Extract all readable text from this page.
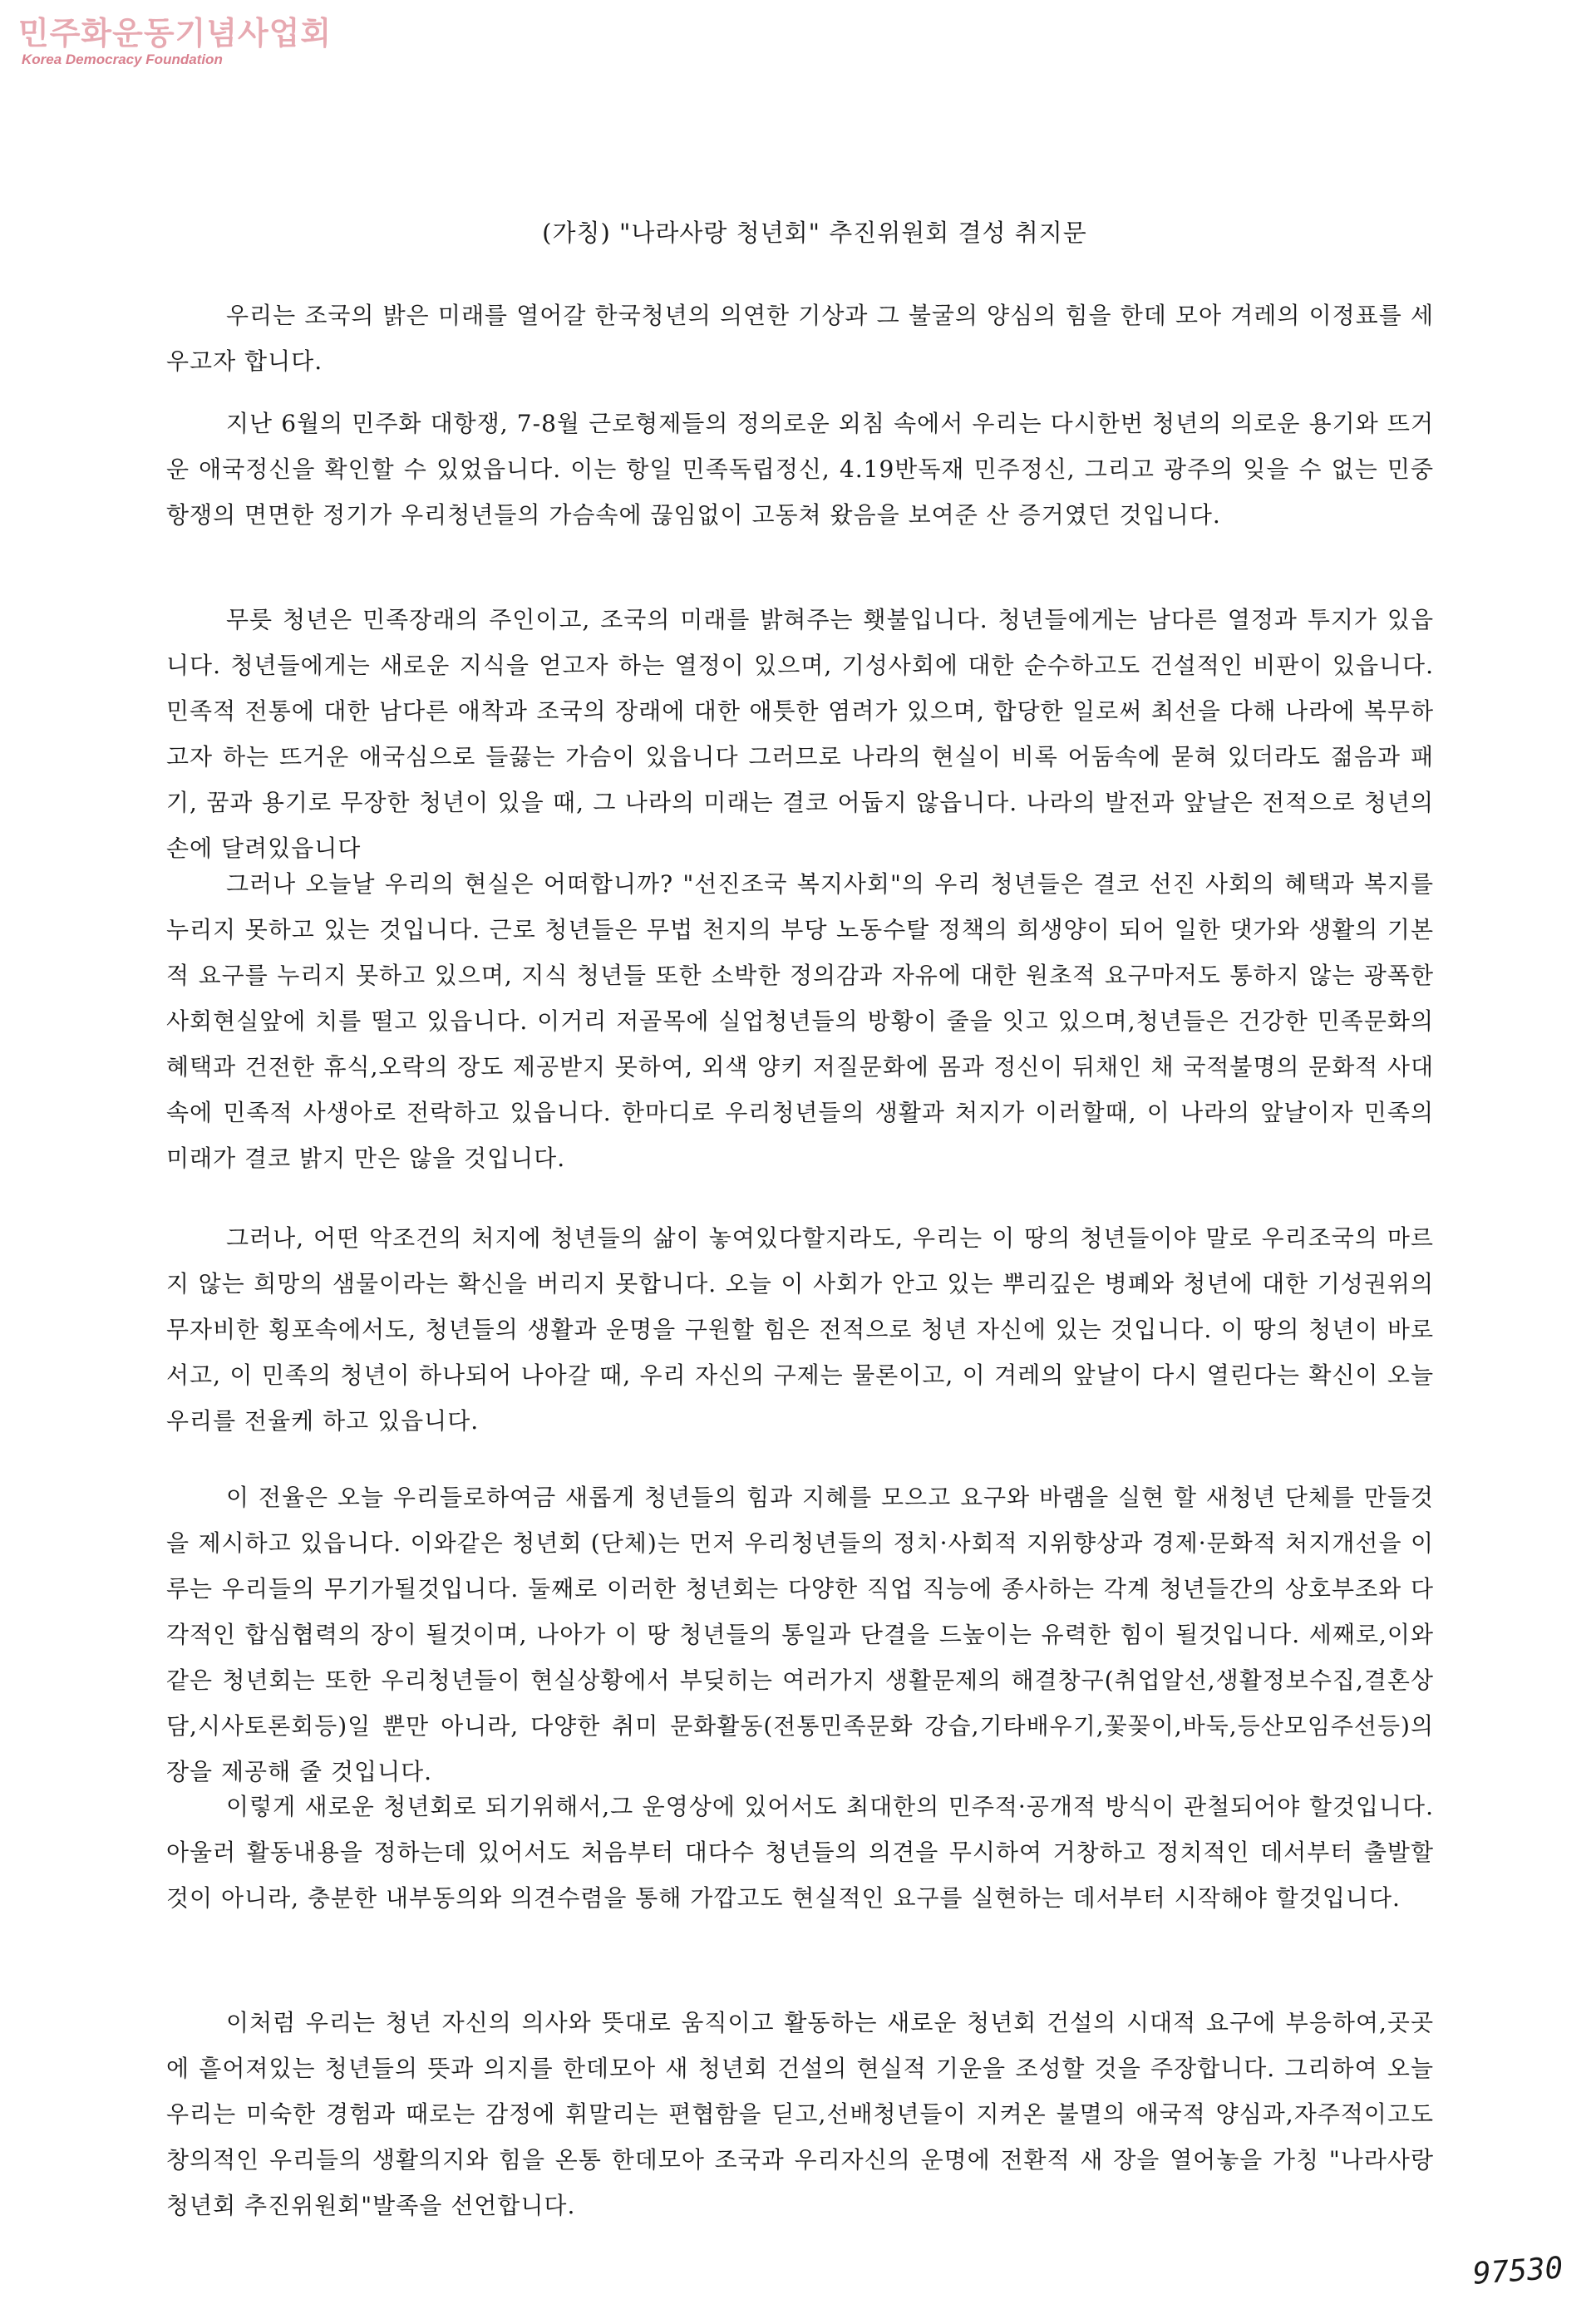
민주화운동기념사업회
Korea Democracy Foundation
(가칭) "나라사랑 청년회" 추진위원회 결성 취지문

우리는 조국의 밝은 미래를 열어갈 한국청년의 의연한 기상과 그 불굴의 양심의 힘을 한데 모아 겨레의 이정표를 세우고자 합니다.

지난 6월의 민주화 대항쟁, 7-8월 근로형제들의 정의로운 외침 속에서 우리는 다시한번 청년의 의로운 용기와 뜨거운 애국정신을 확인할 수 있었읍니다. 이는 항일 민족독립정신, 4.19반독재 민주정신, 그리고 광주의 잊을 수 없는 민중항쟁의 면면한 정기가 우리청년들의 가슴속에 끊임없이 고동쳐 왔음을 보여준 산 증거였던 것입니다.

무릇 청년은 민족장래의 주인이고, 조국의 미래를 밝혀주는 횃불입니다. 청년들에게는 남다른 열정과 투지가 있읍니다. 청년들에게는 새로운 지식을 얻고자 하는 열정이 있으며, 기성사회에 대한 순수하고도 건설적인 비판이 있읍니다. 민족적 전통에 대한 남다른 애착과 조국의 장래에 대한 애틋한 염려가 있으며, 합당한 일로써 최선을 다해 나라에 복무하고자 하는 뜨거운 애국심으로 들끓는 가슴이 있읍니다 그러므로 나라의 현실이 비록 어둠속에 묻혀 있더라도 젊음과 패기, 꿈과 용기로 무장한 청년이 있을 때, 그 나라의 미래는 결코 어둡지 않읍니다. 나라의 발전과 앞날은 전적으로 청년의 손에 달려있읍니다

그러나 오늘날 우리의 현실은 어떠합니까? "선진조국 복지사회"의 우리 청년들은 결코 선진 사회의 혜택과 복지를 누리지 못하고 있는 것입니다. 근로 청년들은 무법 천지의 부당 노동수탈 정책의 희생양이 되어 일한 댓가와 생활의 기본적 요구를 누리지 못하고 있으며, 지식 청년들 또한 소박한 정의감과 자유에 대한 원초적 요구마저도 통하지 않는 광폭한 사회현실앞에 치를 떨고 있읍니다. 이거리 저골목에 실업청년들의 방황이 줄을 잇고 있으며,청년들은 건강한 민족문화의 혜택과 건전한 휴식,오락의 장도 제공받지 못하여, 외색 양키 저질문화에 몸과 정신이 뒤채인 채 국적불명의 문화적 사대속에 민족적 사생아로 전락하고 있읍니다. 한마디로 우리청년들의 생활과 처지가 이러할때, 이 나라의 앞날이자 민족의 미래가 결코 밝지 만은 않을 것입니다.

그러나, 어떤 악조건의 처지에 청년들의 삶이 놓여있다할지라도, 우리는 이 땅의 청년들이야 말로 우리조국의 마르지 않는 희망의 샘물이라는 확신을 버리지 못합니다. 오늘 이 사회가 안고 있는 뿌리깊은 병폐와 청년에 대한 기성권위의 무자비한 횡포속에서도, 청년들의 생활과 운명을 구원할 힘은 전적으로 청년 자신에 있는 것입니다. 이 땅의 청년이 바로서고, 이 민족의 청년이 하나되어 나아갈 때, 우리 자신의 구제는 물론이고, 이 겨레의 앞날이 다시 열린다는 확신이 오늘 우리를 전율케 하고 있읍니다.

이 전율은 오늘 우리들로하여금 새롭게 청년들의 힘과 지혜를 모으고 요구와 바램을 실현 할 새청년 단체를 만들것을 제시하고 있읍니다. 이와같은 청년회 (단체)는 먼저 우리청년들의 정치·사회적 지위향상과 경제·문화적 처지개선을 이루는 우리들의 무기가될것입니다. 둘째로 이러한 청년회는 다양한 직업 직능에 종사하는 각계 청년들간의 상호부조와 다각적인 합심협력의 장이 될것이며, 나아가 이 땅 청년들의 통일과 단결을 드높이는 유력한 힘이 될것입니다. 세째로,이와같은 청년회는 또한 우리청년들이 현실상황에서 부딪히는 여러가지 생활문제의 해결창구(취업알선,생활정보수집,결혼상담,시사토론회등)일 뿐만 아니라, 다양한 취미 문화활동(전통민족문화 강습,기타배우기,꽃꽂이,바둑,등산모임주선등)의 장을 제공해 줄 것입니다.

이렇게 새로운 청년회로 되기위해서,그 운영상에 있어서도 최대한의 민주적·공개적 방식이 관철되어야 할것입니다. 아울러 활동내용을 정하는데 있어서도 처음부터 대다수 청년들의 의견을 무시하여 거창하고 정치적인 데서부터 출발할 것이 아니라, 충분한 내부동의와 의견수렴을 통해 가깝고도 현실적인 요구를 실현하는 데서부터 시작해야 할것입니다.

이처럼 우리는 청년 자신의 의사와 뜻대로 움직이고 활동하는 새로운 청년회 건설의 시대적 요구에 부응하여,곳곳에 흩어져있는 청년들의 뜻과 의지를 한데모아 새 청년회 건설의 현실적 기운을 조성할 것을 주장합니다. 그리하여 오늘 우리는 미숙한 경험과 때로는 감정에 휘말리는 편협함을 딛고,선배청년들이 지켜온 불멸의 애국적 양심과,자주적이고도 창의적인 우리들의 생활의지와 힘을 온통 한데모아 조국과 우리자신의 운명에 전환적 새 장을 열어놓을 가칭 "나라사랑 청년회 추진위원회"발족을 선언합니다.

97530
